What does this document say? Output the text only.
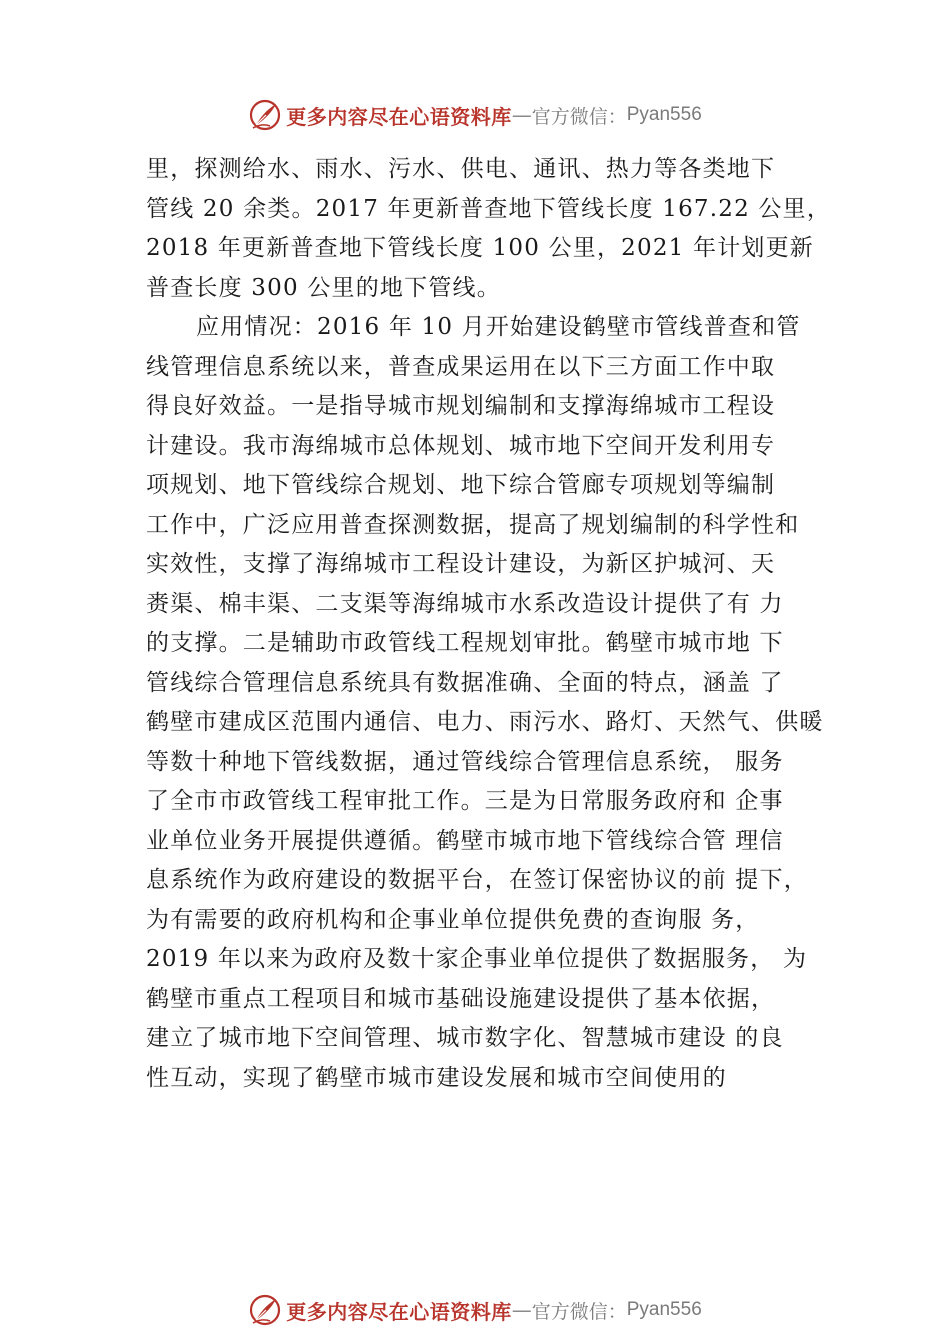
更多内容尽在心语资料库 — 官方微信： Pyan556
里，探测给水、雨水、污水、供电、通讯、热力等各类地下
管线 20 余类。2017 年更新普查地下管线长度 167.22 公里，
2018 年更新普查地下管线长度 100 公里，2021 年计划更新
普查长度 300 公里的地下管线。
应用情况：2016 年 10 月开始建设鹤壁市管线普查和管
线管理信息系统以来，普查成果运用在以下三方面工作中取
得良好效益。一是指导城市规划编制和支撑海绵城市工程设
计建设。我市海绵城市总体规划、城市地下空间开发利用专
项规划、地下管线综合规划、地下综合管廊专项规划等编制
工作中，广泛应用普查探测数据，提高了规划编制的科学性和
实效性，支撑了海绵城市工程设计建设，为新区护城河、天
赉渠、棉丰渠、二支渠等海绵城市水系改造设计提供了有 力
的支撑。二是辅助市政管线工程规划审批。鹤壁市城市地 下
管线综合管理信息系统具有数据准确、全面的特点，涵盖 了
鹤壁市建成区范围内通信、电力、雨污水、路灯、天然气、供暖
等数十种地下管线数据，通过管线综合管理信息系统， 服务
了全市市政管线工程审批工作。三是为日常服务政府和 企事
业单位业务开展提供遵循。鹤壁市城市地下管线综合管 理信
息系统作为政府建设的数据平台，在签订保密协议的前 提下，
为有需要的政府机构和企事业单位提供免费的查询服 务，
2019 年以来为政府及数十家企事业单位提供了数据服务， 为
鹤壁市重点工程项目和城市基础设施建设提供了基本依据，
建立了城市地下空间管理、城市数字化、智慧城市建设 的良
性互动，实现了鹤壁市城市建设发展和城市空间使用的
更多内容尽在心语资料库 — 官方微信： Pyan556
